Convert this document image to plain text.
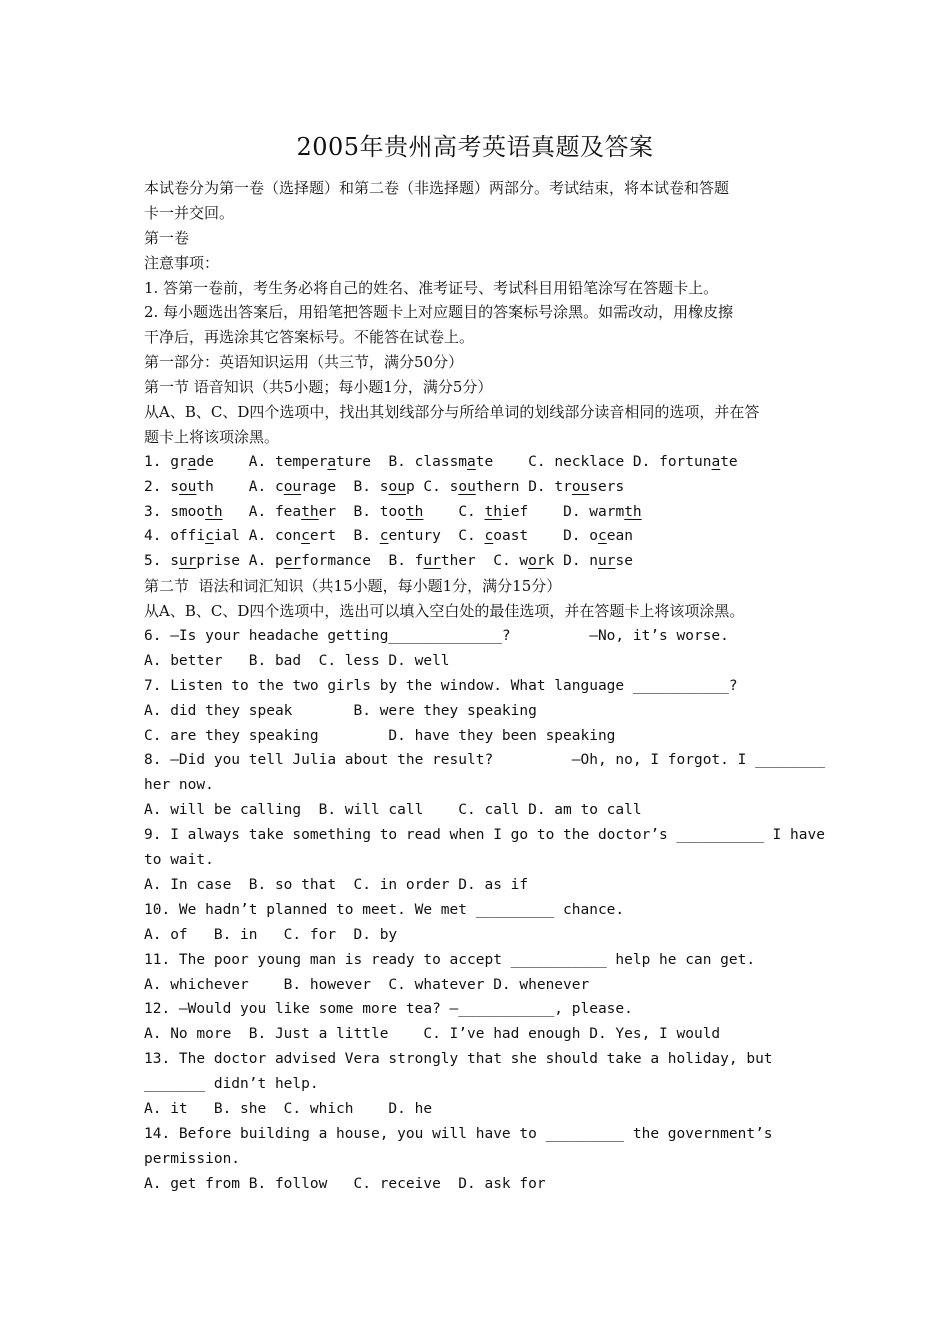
2005年贵州高考英语真题及答案
本试卷分为第一卷（选择题）和第二卷（非选择题）两部分。考试结束，将本试卷和答题
卡一并交回。
第一卷
注意事项：
1. 答第一卷前，考生务必将自己的姓名、准考证号、考试科目用铅笔涂写在答题卡上。
2. 每小题选出答案后，用铅笔把答题卡上对应题目的答案标号涂黑。如需改动，用橡皮擦
干净后，再选涂其它答案标号。不能答在试卷上。
第一部分：英语知识运用（共三节，满分50分）
第一节 语音知识（共5小题；每小题1分，满分5分）
从A、B、C、D四个选项中，找出其划线部分与所给单词的划线部分读音相同的选项，并在答
题卡上将该项涂黑。
1. grade    A. temperature  B. classmate    C. necklace D. fortunate
2. south    A. courage  B. soup C. southern D. trousers
3. smooth   A. feather  B. tooth    C. thief    D. warmth
4. official A. concert  B. century  C. coast    D. ocean
5. surprise A. performance  B. further  C. work D. nurse
第二节  语法和词汇知识（共15小题，每小题1分，满分15分）
从A、B、C、D四个选项中，选出可以填入空白处的最佳选项，并在答题卡上将该项涂黑。
6. —Is your headache getting_____________?         —No, it’s worse.
A. better   B. bad  C. less D. well
7. Listen to the two girls by the window. What language ___________?
A. did they speak       B. were they speaking
C. are they speaking        D. have they been speaking
8. —Did you tell Julia about the result?         —Oh, no, I forgot. I ________
her now.
A. will be calling  B. will call    C. call D. am to call
9. I always take something to read when I go to the doctor’s __________ I have
to wait.
A. In case  B. so that  C. in order D. as if
10. We hadn’t planned to meet. We met _________ chance.
A. of   B. in   C. for  D. by
11. The poor young man is ready to accept ___________ help he can get.
A. whichever    B. however  C. whatever D. whenever
12. —Would you like some more tea? —___________, please.
A. No more  B. Just a little    C. I’ve had enough D. Yes, I would
13. The doctor advised Vera strongly that she should take a holiday, but
_______ didn’t help.
A. it   B. she  C. which    D. he
14. Before building a house, you will have to _________ the government’s
permission.
A. get from B. follow   C. receive  D. ask for
